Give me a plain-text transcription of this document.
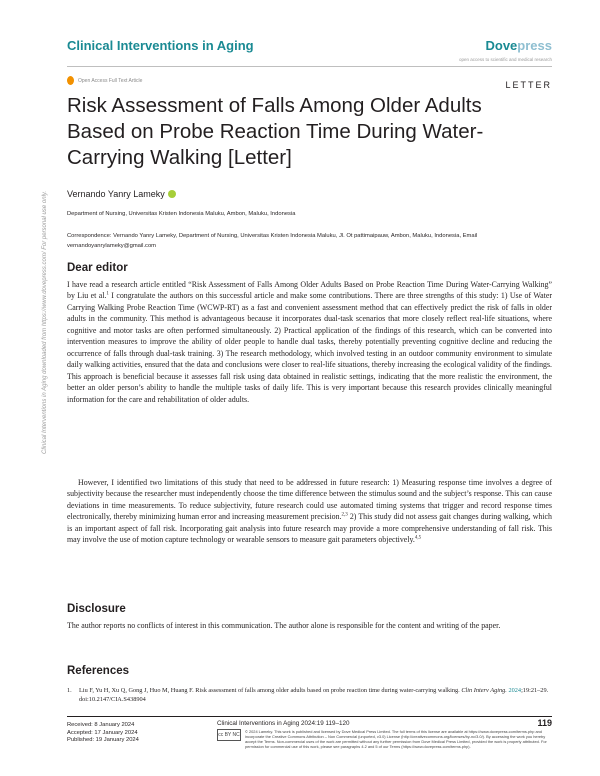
Clinical Interventions in Aging	Dovepress
open access to scientific and medical research
Open Access Full Text Article	LETTER
Risk Assessment of Falls Among Older Adults Based on Probe Reaction Time During Water-Carrying Walking [Letter]
Vernando Yanry Lameky
Department of Nursing, Universitas Kristen Indonesia Maluku, Ambon, Maluku, Indonesia
Correspondence: Vernando Yanry Lameky, Department of Nursing, Universitas Kristen Indonesia Maluku, Jl. Ot pattimaipauw, Ambon, Maluku, Indonesia, Email vernandoyanrylameky@gmail.com
Clinical Interventions in Aging downloaded from https://www.dovepress.com/ For personal use only. Dear editor

I have read a research article entitled “Risk Assessment of Falls Among Older Adults Based on Probe Reaction Time During Water-Carrying Walking” by Liu et al.$^1$ I congratulate the authors on this successful article and make some contributions. There are three strengths of this study: 1) Use of Water Carrying Walking Probe Reaction Time (WCWP-RT) as a fast and convenient assessment method that can effectively predict the risk of falls in older adults in the community. This method is advantageous because it incorporates dual-task scenarios that more closely reflect real-life situations, where cognitive and motor tasks are often performed simultaneously. 2) Practical application of the findings of this research, which can be converted into intervention measures to improve the ability of older people to handle dual tasks, thereby potentially preventing cognitive decline and reducing the occurrence of falls through dual-task training. 3) The research methodology, which involved testing in an outdoor community environment to simulate daily walking activities, ensured that the data and conclusions were closer to real-life situations, thereby increasing the ecological validity of the findings. This approach is beneficial because it assesses fall risk using data obtained in realistic settings, indicating that the more realistic the environment, the better an older person’s ability to handle the multiple tasks of daily life. This is very important because this research provides clinically meaningful information for the care and rehabilitation of older adults.

However, I identified two limitations of this study that need to be addressed in future research: 1) Measuring response time involves a degree of subjectivity because the researcher must independently choose the time difference between the stimulus sound and the subject’s response. This can cause deviations in time measurements. To reduce subjectivity, future research could use automated timing systems that trigger and record response times electronically, thereby minimizing human error and increasing measurement precision.$^{2,3}$ 2) This study did not assess gait changes during walking, which is an important aspect of fall risk. Incorporating gait analysis into future research may provide a more comprehensive understanding of fall risk. This may involve the use of motion capture technology or wearable sensors to measure gait parameters objectively.$^{4,5}$

Disclosure

The author reports no conflicts of interest in this communication. The author alone is responsible for the content and writing of the paper.

References
1.	Liu F, Yu H, Xu Q, Gong J, Huo M, Huang F. Risk assessment of falls among older adults based on probe reaction time during water-carrying walking. Clin Interv Aging. 2024;19:21–29. doi:10.2147/CIA.S438904
Received: 8 January 2024
Accepted: 17 January 2024
Published: 19 January 2024
Clinical Interventions in Aging 2024:19 119–120	119
cc BY NC
© 2024 Lameky. This work is published and licensed by Dove Medical Press Limited. The full terms of this license are available at https://www.dovepress.com/terms.php and incorporate the Creative Commons Attribution – Non Commercial (unported, v3.0) License (http://creativecommons.org/licenses/by-nc/3.0/). By accessing the work you hereby accept the Terms. Non-commercial uses of the work are permitted without any further permission from Dove Medical Press Limited, provided the work is properly attributed. For permission for commercial use of this work, please see paragraphs 4.2 and 5 of our Terms (https://www.dovepress.com/terms.php).
